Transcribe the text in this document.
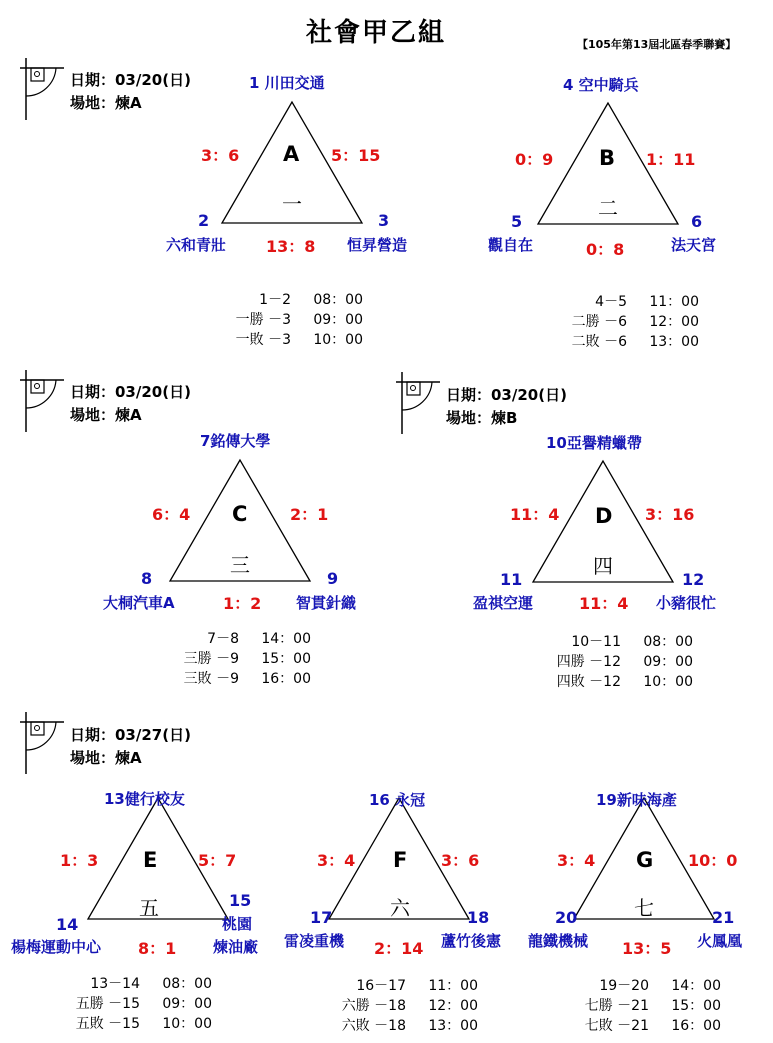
社會甲乙組	【105年第13屆北區春季聯賽】
日期：03/20(日)
場地：煉A
日期：03/20(日)
場地：煉A
日期：03/20(日)
場地：煉B
日期：03/27(日)
場地：煉A
1 川田交通
A
一
3：6	5：15
2	3
六和青壯 13：8 恒昇營造
1－2	08：00
一勝 －3	09：00
一敗 －3	10：00
4 空中騎兵
B
二
0：9	1：11
5	6
觀自在	0：8	法天宮
4－5	11：00
二勝 －6	12：00
二敗 －6	13：00
7銘傳大學
C
三
6：4	2：1
8	9
大桐汽車A	1：2 智貫針織
7－8	14：00
三勝 －9	15：00
三敗 －9	16：00
10亞譽精蠟帶
D
四
11：4	3：16
11	12
盈祺空運	11：4 小豬很忙
10－11	08：00
四勝 －12	09：00
四敗 －12	10：00
13健行校友
E
五
1：3	5：7
15
桃園
14
楊梅運動中心 8：1 煉油廠
13－14	08：00
五勝 －15	09：00
五敗 －15	10：00
16 永冠
F
六
3：4	3：6
17	18
雷凌重機 2：14 蘆竹後憲
16－17	11：00
六勝 －18	12：00
六敗 －18	13：00
19新味海產
G
七
3：4	10：0
20	21
龍鐵機械 13：5 火鳳凰
19－20	14：00
七勝 －21	15：00
七敗 －21	16：00
